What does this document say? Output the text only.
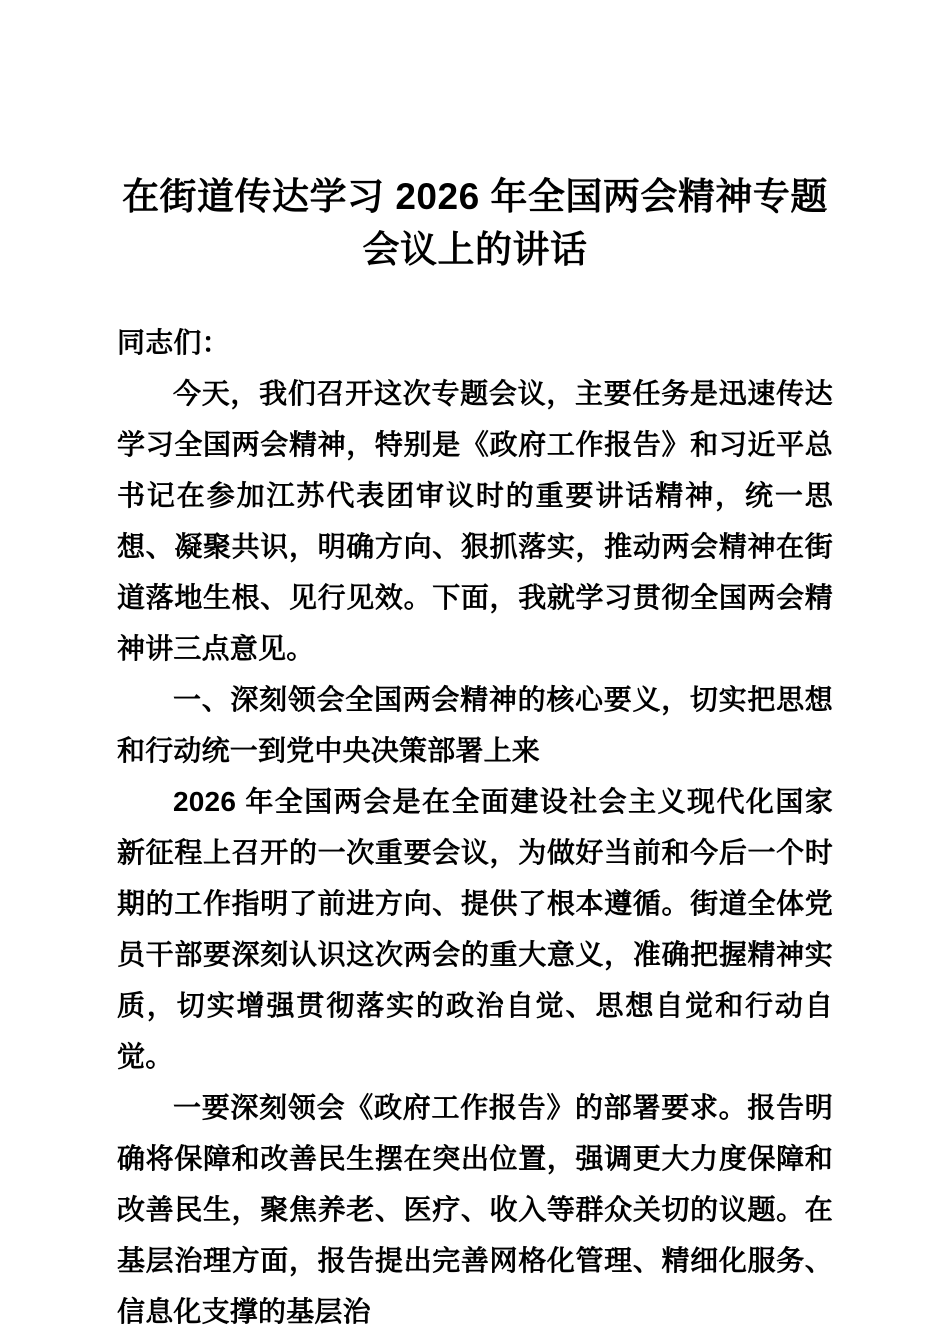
在街道传达学习 2026 年全国两会精神专题会议上的讲话

同志们：

今天，我们召开这次专题会议，主要任务是迅速传达学习全国两会精神，特别是《政府工作报告》和习近平总书记在参加江苏代表团审议时的重要讲话精神，统一思想、凝聚共识，明确方向、狠抓落实，推动两会精神在街道落地生根、见行见效。下面，我就学习贯彻全国两会精神讲三点意见。

一、深刻领会全国两会精神的核心要义，切实把思想和行动统一到党中央决策部署上来

2026 年全国两会是在全面建设社会主义现代化国家新征程上召开的一次重要会议，为做好当前和今后一个时期的工作指明了前进方向、提供了根本遵循。街道全体党员干部要深刻认识这次两会的重大意义，准确把握精神实质，切实增强贯彻落实的政治自觉、思想自觉和行动自觉。

一要深刻领会《政府工作报告》的部署要求。报告明确将保障和改善民生摆在突出位置，强调更大力度保障和改善民生，聚焦养老、医疗、收入等群众关切的议题。在基层治理方面，报告提出完善网格化管理、精细化服务、信息化支撑的基层治
